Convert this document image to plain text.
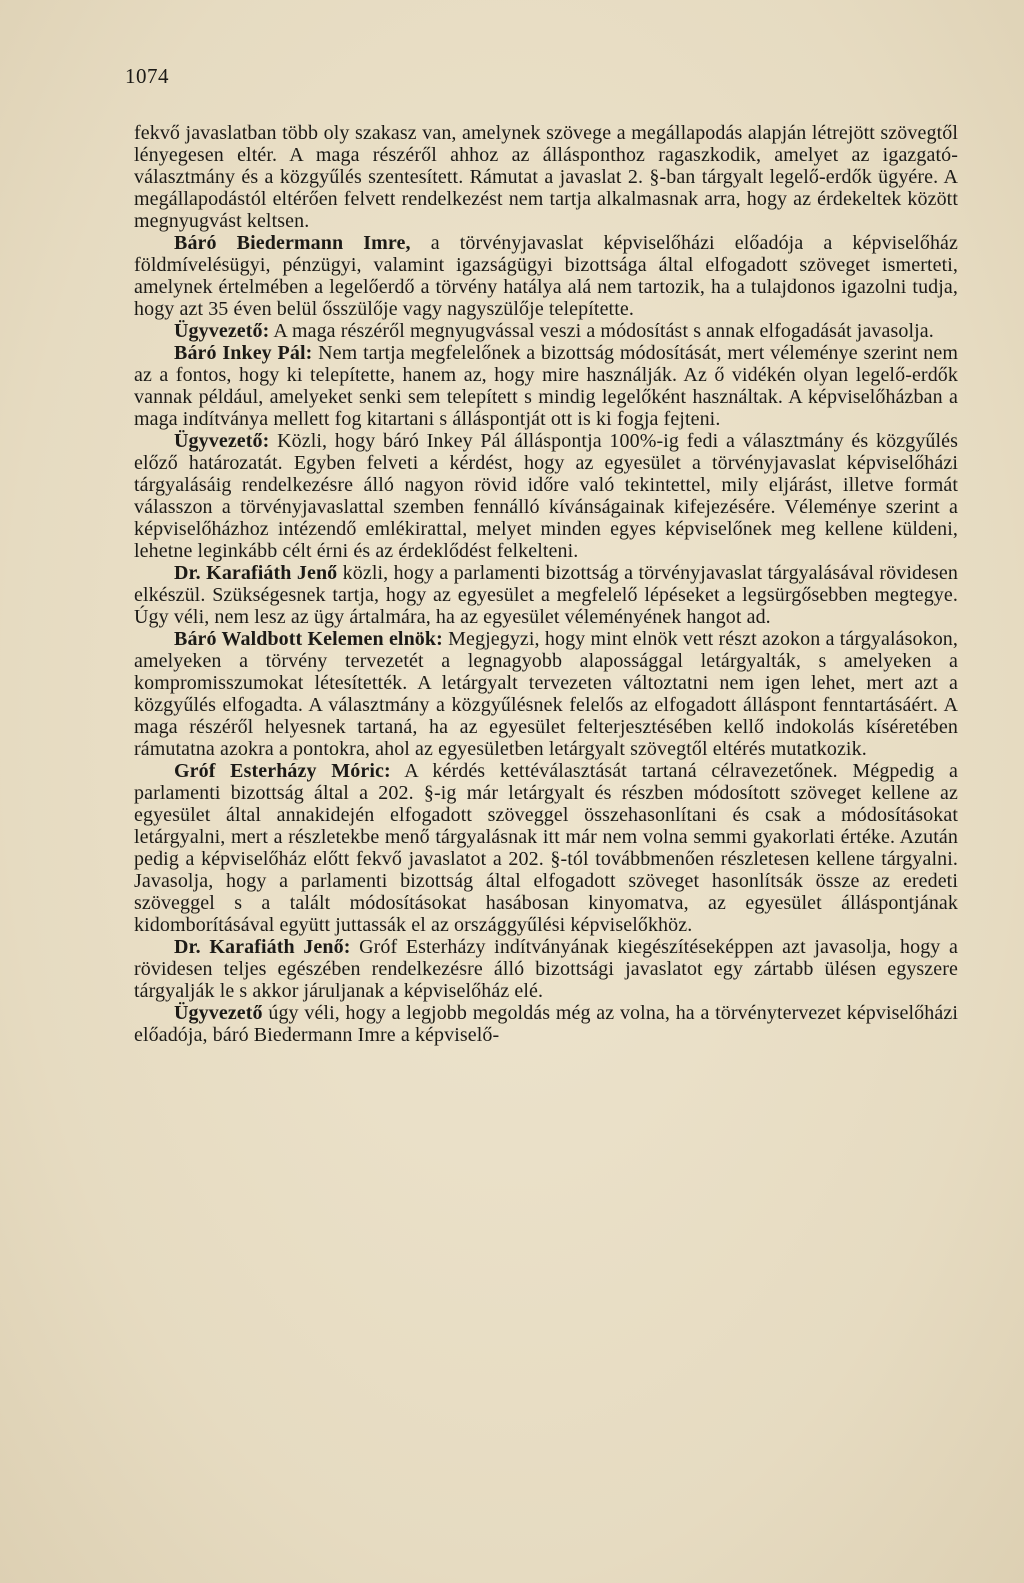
1074

fekvő javaslatban több oly szakasz van, amelynek szövege a megállapodás alapján létrejött szövegtől lényegesen eltér. A maga részéről ahhoz az állásponthoz ragaszkodik, amelyet az igazgató-választmány és a közgyűlés szentesített. Rámutat a javaslat 2. §-ban tárgyalt legelő-erdők ügyére. A megállapodástól eltérően felvett rendelkezést nem tartja alkalmasnak arra, hogy az érdekeltek között megnyugvást keltsen.

Báró Biedermann Imre, a törvényjavaslat képviselőházi előadója a képviselőház földmívelésügyi, pénzügyi, valamint igazságügyi bizottsága által elfogadott szöveget ismerteti, amelynek értelmében a legelőerdő a törvény hatálya alá nem tartozik, ha a tulajdonos igazolni tudja, hogy azt 35 éven belül ősszülője vagy nagyszülője telepítette.

Ügyvezető: A maga részéről megnyugvással veszi a módosítást s annak elfogadását javasolja.

Báró Inkey Pál: Nem tartja megfelelőnek a bizottság módosítását, mert véleménye szerint nem az a fontos, hogy ki telepítette, hanem az, hogy mire használják. Az ő vidékén olyan legelő-erdők vannak például, amelyeket senki sem telepített s mindig legelőként használtak. A képviselőházban a maga indítványa mellett fog kitartani s álláspontját ott is ki fogja fejteni.

Ügyvezető: Közli, hogy báró Inkey Pál álláspontja 100%-ig fedi a választmány és közgyűlés előző határozatát. Egyben felveti a kérdést, hogy az egyesület a törvényjavaslat képviselőházi tárgyalásáig rendelkezésre álló nagyon rövid időre való tekintettel, mily eljárást, illetve formát válasszon a törvényjavaslattal szemben fennálló kívánságainak kifejezésére. Véleménye szerint a képviselőházhoz intézendő emlékirattal, melyet minden egyes képviselőnek meg kellene küldeni, lehetne leginkább célt érni és az érdeklődést felkelteni.

Dr. Karafiáth Jenő közli, hogy a parlamenti bizottság a törvényjavaslat tárgyalásával rövidesen elkészül. Szükségesnek tartja, hogy az egyesület a megfelelő lépéseket a legsürgősebben megtegye. Úgy véli, nem lesz az ügy ártalmára, ha az egyesület véleményének hangot ad.

Báró Waldbott Kelemen elnök: Megjegyzi, hogy mint elnök vett részt azokon a tárgyalásokon, amelyeken a törvény tervezetét a legnagyobb alapossággal letárgyalták, s amelyeken a kompromisszumokat létesítették. A letárgyalt tervezeten változtatni nem igen lehet, mert azt a közgyűlés elfogadta. A választmány a közgyűlésnek felelős az elfogadott álláspont fenntartásáért. A maga részéről helyesnek tartaná, ha az egyesület felterjesztésében kellő indokolás kíséretében rámutatna azokra a pontokra, ahol az egyesületben letárgyalt szövegtől eltérés mutatkozik.

Gróf Esterházy Móric: A kérdés kettéválasztását tartaná célravezetőnek. Mégpedig a parlamenti bizottság által a 202. §-ig már letárgyalt és részben módosított szöveget kellene az egyesület által annakidején elfogadott szöveggel összehasonlítani és csak a módosításokat letárgyalni, mert a részletekbe menő tárgyalásnak itt már nem volna semmi gyakorlati értéke. Azután pedig a képviselőház előtt fekvő javaslatot a 202. §-tól továbbmenően részletesen kellene tárgyalni. Javasolja, hogy a parlamenti bizottság által elfogadott szöveget hasonlítsák össze az eredeti szöveggel s a talált módosításokat hasábosan kinyomatva, az egyesület álláspontjának kidomborításával együtt juttassák el az országgyűlési képviselőkhöz.

Dr. Karafiáth Jenő: Gróf Esterházy indítványának kiegészítéseképpen azt javasolja, hogy a rövidesen teljes egészében rendelkezésre álló bizottsági javaslatot egy zártabb ülésen egyszere tárgyalják le s akkor járuljanak a képviselőház elé.

Ügyvezető úgy véli, hogy a legjobb megoldás még az volna, ha a törvénytervezet képviselőházi előadója, báró Biedermann Imre a képviselő-
